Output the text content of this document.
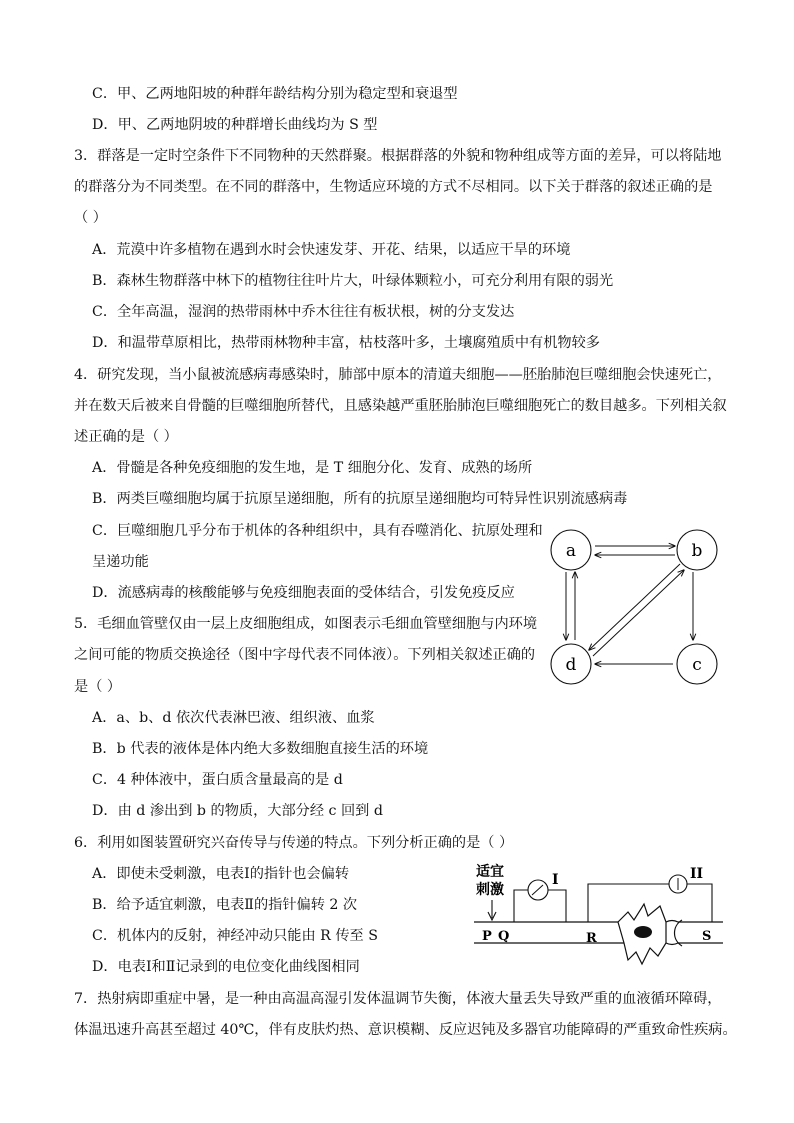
C．甲、乙两地阳坡的种群年龄结构分别为稳定型和衰退型
D．甲、乙两地阴坡的种群增长曲线均为 S 型
3．群落是一定时空条件下不同物种的天然群聚。根据群落的外貌和物种组成等方面的差异，可以将陆地
的群落分为不同类型。在不同的群落中，生物适应环境的方式不尽相同。以下关于群落的叙述正确的是
（ ）
A．荒漠中许多植物在遇到水时会快速发芽、开花、结果，以适应干旱的环境
B．森林生物群落中林下的植物往往叶片大，叶绿体颗粒小，可充分利用有限的弱光
C．全年高温，湿润的热带雨林中乔木往往有板状根，树的分支发达
D．和温带草原相比，热带雨林物种丰富，枯枝落叶多，土壤腐殖质中有机物较多
4．研究发现，当小鼠被流感病毒感染时，肺部中原本的清道夫细胞——胚胎肺泡巨噬细胞会快速死亡，
并在数天后被来自骨髓的巨噬细胞所替代，且感染越严重胚胎肺泡巨噬细胞死亡的数目越多。下列相关叙
述正确的是（ ）
A．骨髓是各种免疫细胞的发生地，是 T 细胞分化、发育、成熟的场所
B．两类巨噬细胞均属于抗原呈递细胞，所有的抗原呈递细胞均可特异性识别流感病毒
C．巨噬细胞几乎分布于机体的各种组织中，具有吞噬消化、抗原处理和
呈递功能
D．流感病毒的核酸能够与免疫细胞表面的受体结合，引发免疫反应
5．毛细血管壁仅由一层上皮细胞组成，如图表示毛细血管壁细胞与内环境
之间可能的物质交换途径（图中字母代表不同体液）。下列相关叙述正确的
是（ ）
A．a、b、d 依次代表淋巴液、组织液、血浆
B．b 代表的液体是体内绝大多数细胞直接生活的环境
C．4 种体液中，蛋白质含量最高的是 d
D．由 d 渗出到 b 的物质，大部分经 c 回到 d
6．利用如图装置研究兴奋传导与传递的特点。下列分析正确的是（ ）
A．即使未受刺激，电表Ⅰ的指针也会偏转
B．给予适宜刺激，电表Ⅱ的指针偏转 2 次
C．机体内的反射，神经冲动只能由 R 传至 S
D．电表Ⅰ和Ⅱ记录到的电位变化曲线图相同
7．热射病即重症中暑，是一种由高温高湿引发体温调节失衡，体液大量丢失导致严重的血液循环障碍，
体温迅速升高甚至超过 40℃，伴有皮肤灼热、意识模糊、反应迟钝及多器官功能障碍的严重致命性疾病。
a	b
c
d
适宜
刺激
I	II
P Q	R	S
